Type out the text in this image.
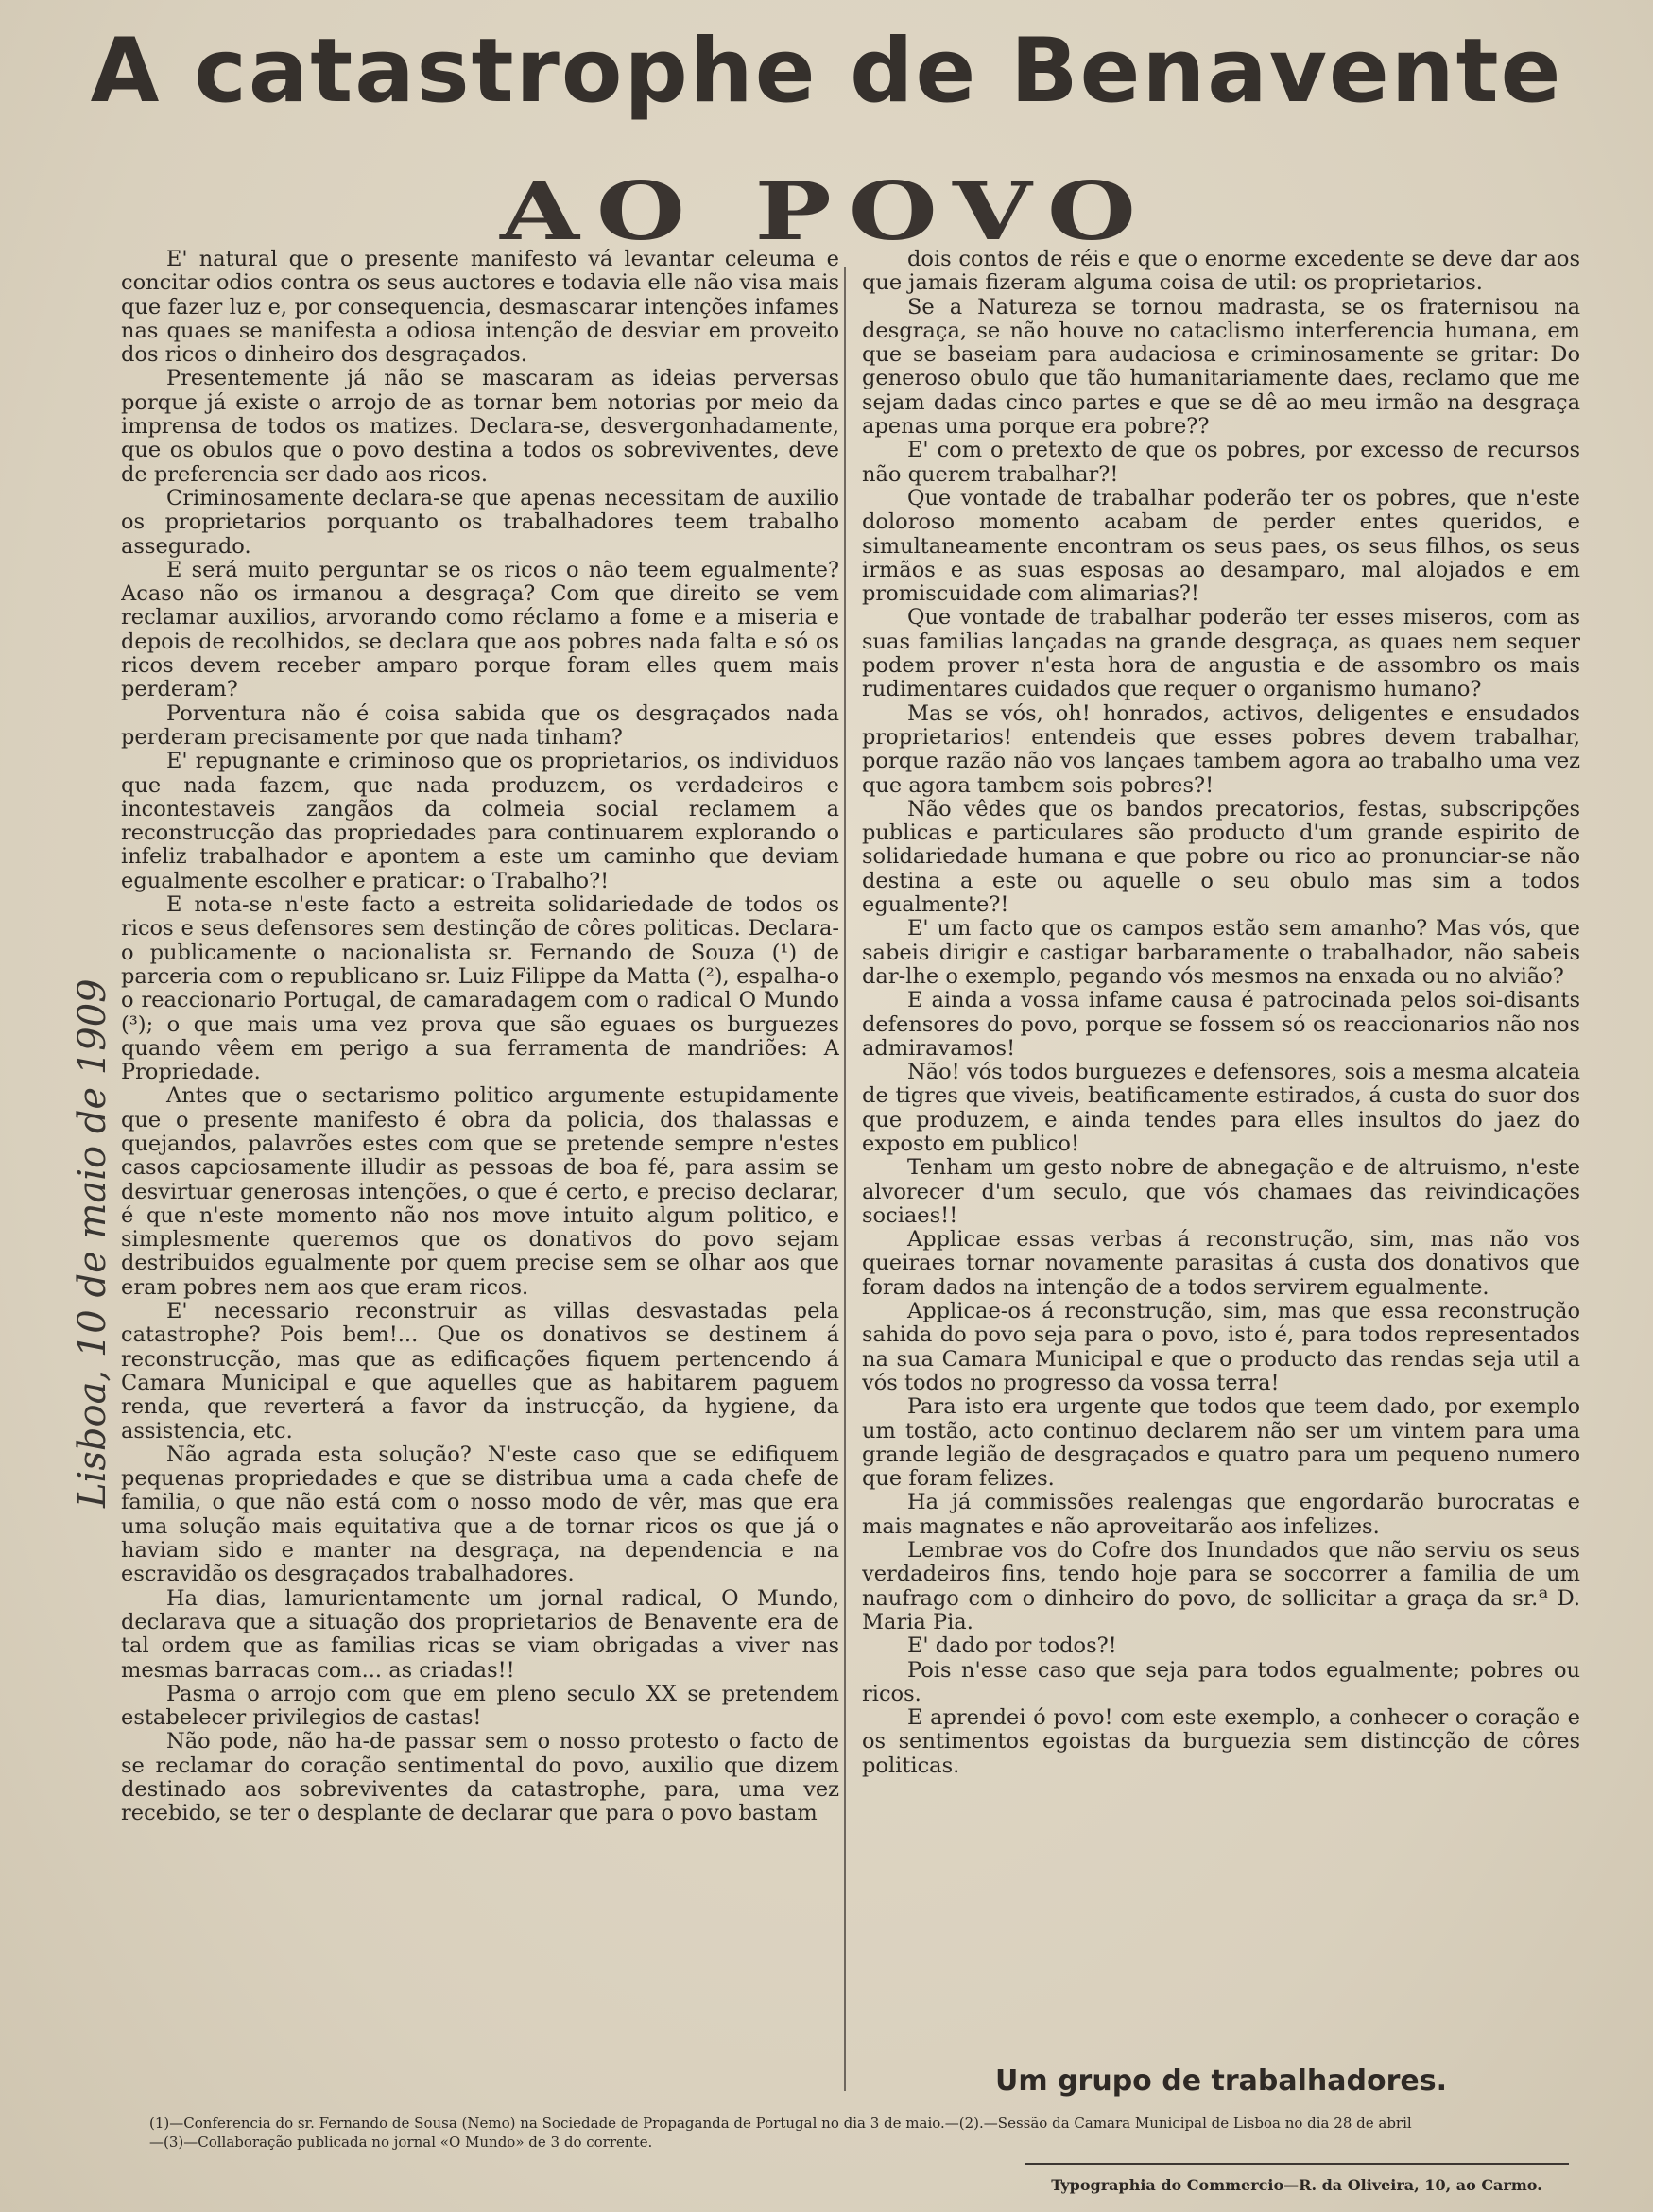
A catastrophe de Benavente
AO POVO

E' natural que o presente manifesto vá levantar celeuma e concitar odios contra os seus auctores e todavia elle não visa mais que fazer luz e, por consequencia, desmascarar intenções infames nas quaes se manifesta a odiosa intenção de desviar em proveito dos ricos o dinheiro dos desgraçados.

Presentemente já não se mascaram as ideias perversas porque já existe o arrojo de as tornar bem notorias por meio da imprensa de todos os matizes. Declara-se, desvergonhadamente, que os obulos que o povo destina a todos os sobreviventes, deve de preferencia ser dado aos ricos.

Criminosamente declara-se que apenas necessitam de auxilio os proprietarios porquanto os trabalhadores teem trabalho assegurado.

E será muito perguntar se os ricos o não teem egualmente? Acaso não os irmanou a desgraça? Com que direito se vem reclamar auxilios, arvorando como réclamo a fome e a miseria e depois de recolhidos, se declara que aos pobres nada falta e só os ricos devem receber amparo porque foram elles quem mais perderam?

Porventura não é coisa sabida que os desgraçados nada perderam precisamente por que nada tinham?

E' repugnante e criminoso que os proprietarios, os individuos que nada fazem, que nada produzem, os verdadeiros e incontestaveis zangãos da colmeia social reclamem a reconstrucção das propriedades para continuarem explorando o infeliz trabalhador e apontem a este um caminho que deviam egualmente escolher e praticar: o Trabalho?!

E nota-se n'este facto a estreita solidariedade de todos os ricos e seus defensores sem destinção de côres politicas. Declara-o publicamente o nacionalista sr. Fernando de Souza (¹) de parceria com o republicano sr. Luiz Filippe da Matta (²), espalha-o o reaccionario Portugal, de camaradagem com o radical O Mundo (³); o que mais uma vez prova que são eguaes os burguezes quando vêem em perigo a sua ferramenta de mandriões: A Propriedade.

Antes que o sectarismo politico argumente estupidamente que o presente manifesto é obra da policia, dos thalassas e quejandos, palavrões estes com que se pretende sempre n'estes casos capciosamente illudir as pessoas de boa fé, para assim se desvirtuar generosas intenções, o que é certo, e preciso declarar, é que n'este momento não nos move intuito algum politico, e simplesmente queremos que os donativos do povo sejam destribuidos egualmente por quem precise sem se olhar aos que eram pobres nem aos que eram ricos.

E' necessario reconstruir as villas desvastadas pela catastrophe? Pois bem!... Que os donativos se destinem á reconstrucção, mas que as edificações fiquem pertencendo á Camara Municipal e que aquelles que as habitarem paguem renda, que reverterá a favor da instrucção, da hygiene, da assistencia, etc.

Não agrada esta solução? N'este caso que se edifiquem pequenas propriedades e que se distribua uma a cada chefe de familia, o que não está com o nosso modo de vêr, mas que era uma solução mais equitativa que a de tornar ricos os que já o haviam sido e manter na desgraça, na dependencia e na escravidão os desgraçados trabalhadores.

Ha dias, lamurientamente um jornal radical, O Mundo, declarava que a situação dos proprietarios de Benavente era de tal ordem que as familias ricas se viam obrigadas a viver nas mesmas barracas com... as criadas!!

Pasma o arrojo com que em pleno seculo XX se pretendem estabelecer privilegios de castas!

Não pode, não ha-de passar sem o nosso protesto o facto de se reclamar do coração sentimental do povo, auxilio que dizem destinado aos sobreviventes da catastrophe, para, uma vez recebido, se ter o desplante de declarar que para o povo bastam

dois contos de réis e que o enorme excedente se deve dar aos que jamais fizeram alguma coisa de util: os proprietarios.

Se a Natureza se tornou madrasta, se os fraternisou na desgraça, se não houve no cataclismo interferencia humana, em que se baseiam para audaciosa e criminosamente se gritar: Do generoso obulo que tão humanitariamente daes, reclamo que me sejam dadas cinco partes e que se dê ao meu irmão na desgraça apenas uma porque era pobre??

E' com o pretexto de que os pobres, por excesso de recursos não querem trabalhar?!

Que vontade de trabalhar poderão ter os pobres, que n'este doloroso momento acabam de perder entes queridos, e simultaneamente encontram os seus paes, os seus filhos, os seus irmãos e as suas esposas ao desamparo, mal alojados e em promiscuidade com alimarias?!

Que vontade de trabalhar poderão ter esses miseros, com as suas familias lançadas na grande desgraça, as quaes nem sequer podem prover n'esta hora de angustia e de assombro os mais rudimentares cuidados que requer o organismo humano?

Mas se vós, oh! honrados, activos, deligentes e ensudados proprietarios! entendeis que esses pobres devem trabalhar, porque razão não vos lançaes tambem agora ao trabalho uma vez que agora tambem sois pobres?!

Não vêdes que os bandos precatorios, festas, subscripções publicas e particulares são producto d'um grande espirito de solidariedade humana e que pobre ou rico ao pronunciar-se não destina a este ou aquelle o seu obulo mas sim a todos egualmente?!

E' um facto que os campos estão sem amanho? Mas vós, que sabeis dirigir e castigar barbaramente o trabalhador, não sabeis dar-lhe o exemplo, pegando vós mesmos na enxada ou no alvião?

E ainda a vossa infame causa é patrocinada pelos soi-disants defensores do povo, porque se fossem só os reaccionarios não nos admiravamos!

Não! vós todos burguezes e defensores, sois a mesma alcateia de tigres que viveis, beatificamente estirados, á custa do suor dos que produzem, e ainda tendes para elles insultos do jaez do exposto em publico!

Tenham um gesto nobre de abnegação e de altruismo, n'este alvorecer d'um seculo, que vós chamaes das reivindicações sociaes!!

Applicae essas verbas á reconstrução, sim, mas não vos queiraes tornar novamente parasitas á custa dos donativos que foram dados na intenção de a todos servirem egualmente.

Applicae-os á reconstrução, sim, mas que essa reconstrução sahida do povo seja para o povo, isto é, para todos representados na sua Camara Municipal e que o producto das rendas seja util a vós todos no progresso da vossa terra!

Para isto era urgente que todos que teem dado, por exemplo um tostão, acto continuo declarem não ser um vintem para uma grande legião de desgraçados e quatro para um pequeno numero que foram felizes.

Ha já commissões realengas que engordarão burocratas e mais magnates e não aproveitarão aos infelizes.

Lembrae vos do Cofre dos Inundados que não serviu os seus verdadeiros fins, tendo hoje para se soccorrer a familia de um naufrago com o dinheiro do povo, de sollicitar a graça da sr.ª D. Maria Pia.

E' dado por todos?!

Pois n'esse caso que seja para todos egualmente; pobres ou ricos.

E aprendei ó povo! com este exemplo, a conhecer o coração e os sentimentos egoistas da burguezia sem distincção de côres politicas.

Um grupo de trabalhadores.
(1)—Conferencia do sr. Fernando de Sousa (Nemo) na Sociedade de Propaganda de Portugal no dia 3 de maio.—(2).—Sessão da Camara Municipal de Lisboa no dia 28 de abril
—(3)—Collaboração publicada no jornal «O Mundo» de 3 do corrente.
Typographia do Commercio—R. da Oliveira, 10, ao Carmo.
Lisboa, 10 de maio de 1909
